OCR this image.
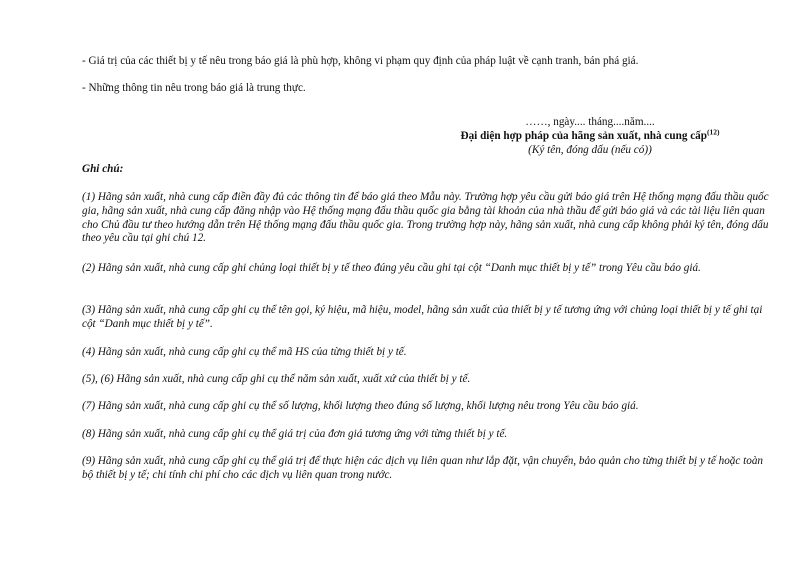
- Giá trị của các thiết bị y tế nêu trong báo giá là phù hợp, không vi phạm quy định của pháp luật về cạnh tranh, bán phá giá.

- Những thông tin nêu trong báo giá là trung thực.

……, ngày.... tháng....năm....
Đại diện hợp pháp của hãng sản xuất, nhà cung cấp$^{(12)}$
(Ký tên, đóng dấu (nếu có))
Ghi chú:

(1) Hãng sản xuất, nhà cung cấp điền đầy đủ các thông tin để báo giá theo Mẫu này. Trường hợp yêu cầu gửi báo giá trên Hệ thống mạng đấu thầu quốc gia, hãng sản xuất, nhà cung cấp đăng nhập vào Hệ thống mạng đấu thầu quốc gia bằng tài khoản của nhà thầu để gửi báo giá và các tài liệu liên quan cho Chủ đầu tư theo hướng dẫn trên Hệ thống mạng đấu thầu quốc gia. Trong trường hợp này, hãng sản xuất, nhà cung cấp không phải ký tên, đóng dấu theo yêu cầu tại ghi chú 12.

(2) Hãng sản xuất, nhà cung cấp ghi chủng loại thiết bị y tế theo đúng yêu cầu ghi tại cột “Danh mục thiết bị y tế” trong Yêu cầu báo giá.

(3) Hãng sản xuất, nhà cung cấp ghi cụ thể tên gọi, ký hiệu, mã hiệu, model, hãng sản xuất của thiết bị y tế tương ứng với chủng loại thiết bị y tế ghi tại cột “Danh mục thiết bị y tế”.

(4) Hãng sản xuất, nhà cung cấp ghi cụ thể mã HS của từng thiết bị y tế.

(5), (6) Hãng sản xuất, nhà cung cấp ghi cụ thể năm sản xuất, xuất xứ của thiết bị y tế.

(7) Hãng sản xuất, nhà cung cấp ghi cụ thể số lượng, khối lượng theo đúng số lượng, khối lượng nêu trong Yêu cầu báo giá.

(8) Hãng sản xuất, nhà cung cấp ghi cụ thể giá trị của đơn giá tương ứng với từng thiết bị y tế.

(9) Hãng sản xuất, nhà cung cấp ghi cụ thể giá trị để thực hiện các dịch vụ liên quan như lắp đặt, vận chuyển, bảo quản cho từng thiết bị y tế hoặc toàn bộ thiết bị y tế; chi tính chi phí cho các dịch vụ liên quan trong nước.
